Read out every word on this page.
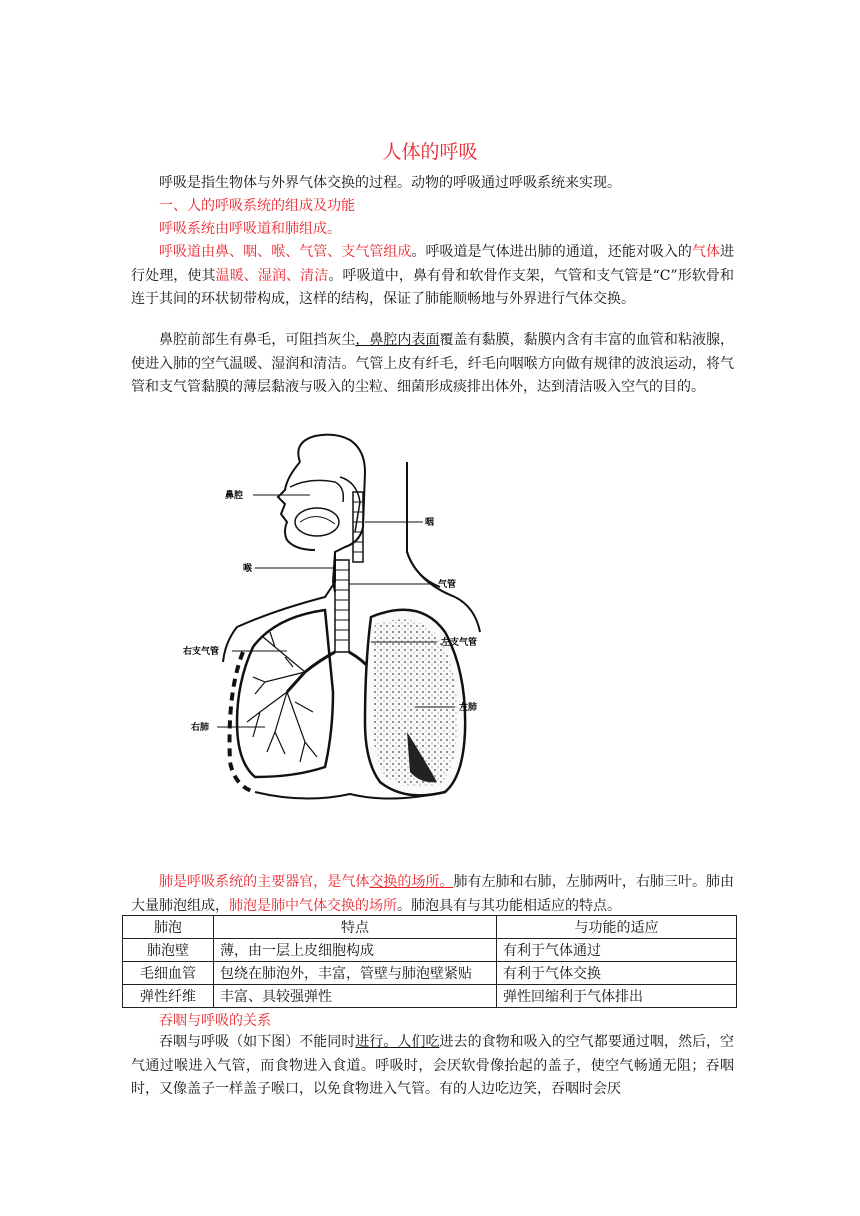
人体的呼吸
呼吸是指生物体与外界气体交换的过程。动物的呼吸通过呼吸系统来实现。
一、人的呼吸系统的组成及功能
呼吸系统由呼吸道和肺组成。
呼吸道由鼻、咽、喉、气管、支气管组成。呼吸道是气体进出肺的通道，还能对吸入的气体进行处理，使其温暖、湿润、清洁。呼吸道中，鼻有骨和软骨作支架，气管和支气管是“C”形软骨和连于其间的环状韧带构成，这样的结构，保证了肺能顺畅地与外界进行气体交换。
鼻腔前部生有鼻毛，可阻挡灰尘，鼻腔内表面覆盖有黏膜，黏膜内含有丰富的血管和粘液腺，使进入肺的空气温暖、湿润和清洁。气管上皮有纤毛，纤毛向咽喉方向做有规律的波浪运动，将气管和支气管黏膜的薄层黏液与吸入的尘粒、细菌形成痰排出体外，达到清洁吸入空气的目的。
鼻腔
咽
喉
气管
左支气管
右支气管
左肺
右肺
肺是呼吸系统的主要器官，是气体交换的场所。肺有左肺和右肺，左肺两叶，右肺三叶。肺由大量肺泡组成，肺泡是肺中气体交换的场所。肺泡具有与其功能相适应的特点。
肺泡	特点	与功能的适应
肺泡壁	薄，由一层上皮细胞构成	有利于气体通过
毛细血管	包绕在肺泡外，丰富，管壁与肺泡壁紧贴	有利于气体交换
弹性纤维	丰富、具较强弹性	弹性回缩利于气体排出
吞咽与呼吸的关系
吞咽与呼吸（如下图）不能同时进行。人们吃进去的食物和吸入的空气都要通过咽，然后，空气通过喉进入气管，而食物进入食道。呼吸时，会厌软骨像抬起的盖子，使空气畅通无阻；吞咽时，又像盖子一样盖子喉口，以免食物进入气管。有的人边吃边笑，吞咽时会厌
